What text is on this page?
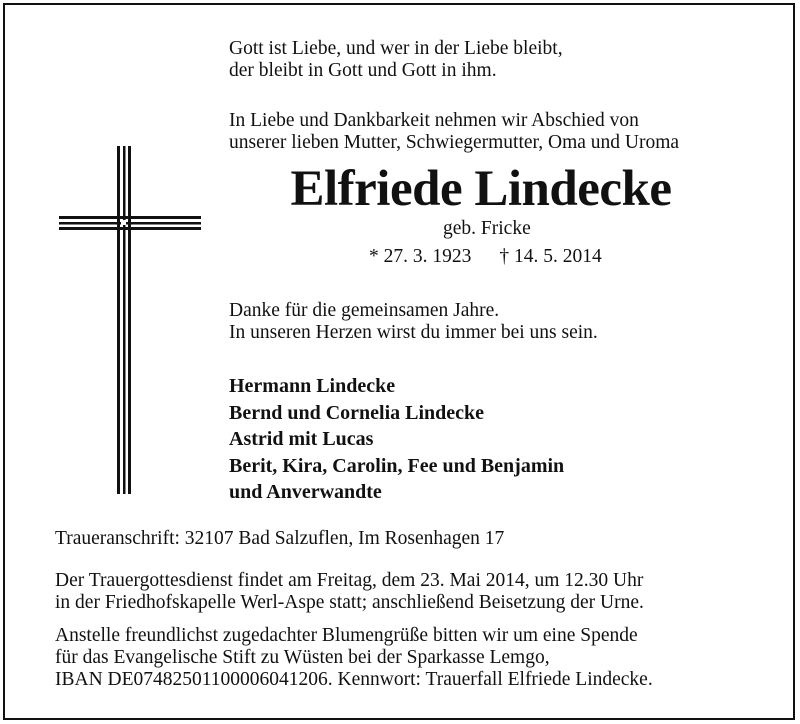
Gott ist Liebe, und wer in der Liebe bleibt,
der bleibt in Gott und Gott in ihm.

In Liebe und Dankbarkeit nehmen wir Abschied von
unserer lieben Mutter, Schwiegermutter, Oma und Uroma

Elfriede Lindecke
geb. Fricke
* 27. 3. 1923 † 14. 5. 2014

Danke für die gemeinsamen Jahre.
In unseren Herzen wirst du immer bei uns sein.

Hermann Lindecke
Bernd und Cornelia Lindecke
Astrid mit Lucas
Berit, Kira, Carolin, Fee und Benjamin
und Anverwandte

Traueranschrift: 32107 Bad Salzuflen, Im Rosenhagen 17

Der Trauergottesdienst findet am Freitag, dem 23. Mai 2014, um 12.30 Uhr
in der Friedhofskapelle Werl-Aspe statt; anschließend Beisetzung der Urne.

Anstelle freundlichst zugedachter Blumengrüße bitten wir um eine Spende
für das Evangelische Stift zu Wüsten bei der Sparkasse Lemgo,
IBAN DE07482501100006041206. Kennwort: Trauerfall Elfriede Lindecke.
